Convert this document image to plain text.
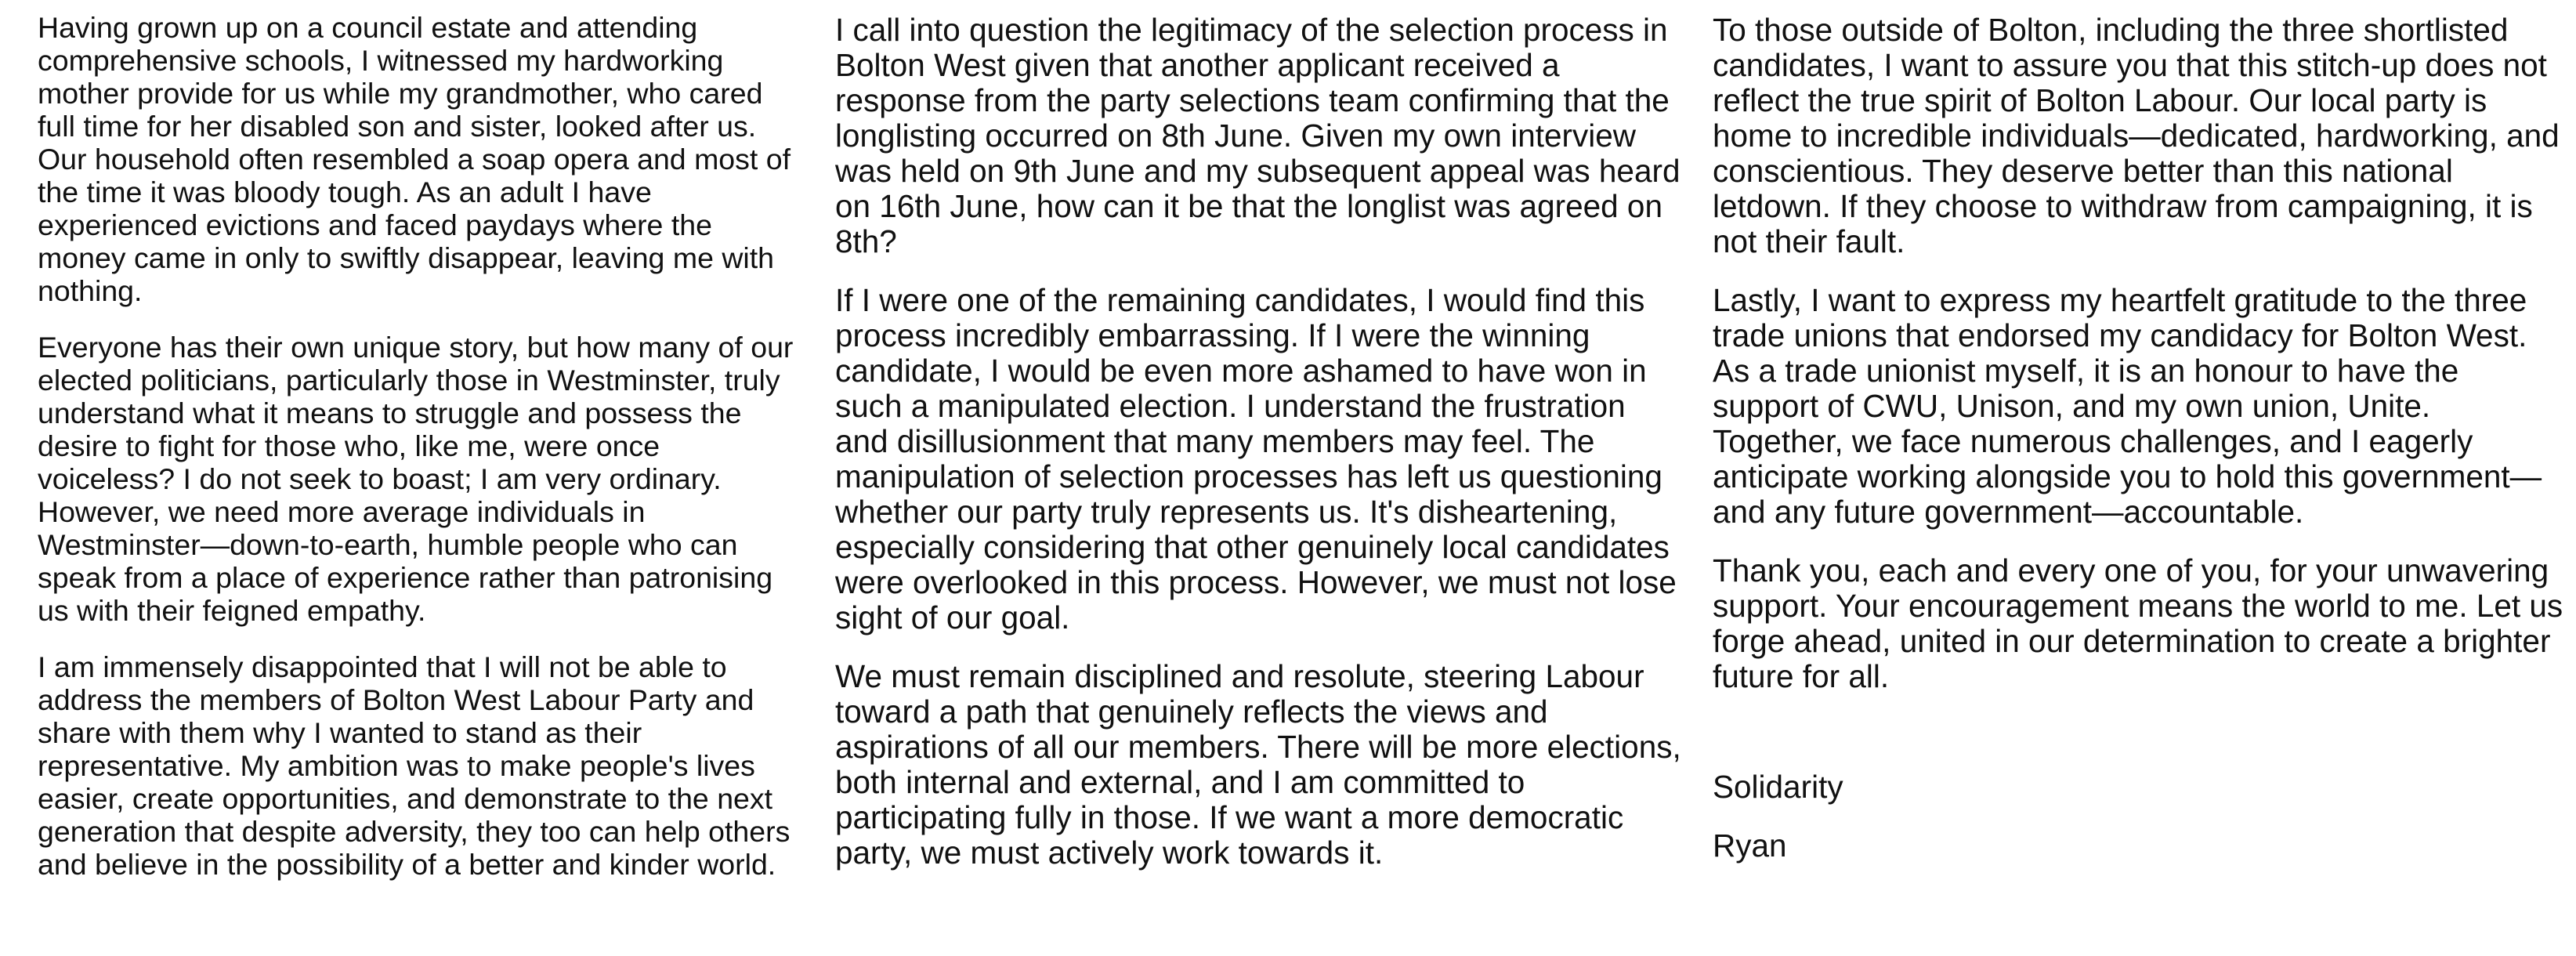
Having grown up on a council estate and attending comprehensive schools, I witnessed my hardworking mother provide for us while my grandmother, who cared full time for her disabled son and sister, looked after us. Our household often resembled a soap opera and most of the time it was bloody tough. As an adult I have experienced evictions and faced paydays where the money came in only to swiftly disappear, leaving me with nothing.

Everyone has their own unique story, but how many of our elected politicians, particularly those in Westminster, truly understand what it means to struggle and possess the desire to fight for those who, like me, were once voiceless? I do not seek to boast; I am very ordinary. However, we need more average individuals in Westminster—down-to-earth, humble people who can speak from a place of experience rather than patronising us with their feigned empathy.

I am immensely disappointed that I will not be able to address the members of Bolton West Labour Party and share with them why I wanted to stand as their representative. My ambition was to make people's lives easier, create opportunities, and demonstrate to the next generation that despite adversity, they too can help others and believe in the possibility of a better and kinder world.

I call into question the legitimacy of the selection process in Bolton West given that another applicant received a response from the party selections team confirming that the longlisting occurred on 8th June. Given my own interview was held on 9th June and my subsequent appeal was heard on 16th June, how can it be that the longlist was agreed on 8th?

If I were one of the remaining candidates, I would find this process incredibly embarrassing. If I were the winning candidate, I would be even more ashamed to have won in such a manipulated election. I understand the frustration and disillusionment that many members may feel. The manipulation of selection processes has left us questioning whether our party truly represents us. It's disheartening, especially considering that other genuinely local candidates were overlooked in this process. However, we must not lose sight of our goal.

We must remain disciplined and resolute, steering Labour toward a path that genuinely reflects the views and aspirations of all our members. There will be more elections, both internal and external, and I am committed to participating fully in those. If we want a more democratic party, we must actively work towards it.

To those outside of Bolton, including the three shortlisted candidates, I want to assure you that this stitch-up does not reflect the true spirit of Bolton Labour. Our local party is home to incredible individuals—dedicated, hardworking, and conscientious. They deserve better than this national letdown. If they choose to withdraw from campaigning, it is not their fault.

Lastly, I want to express my heartfelt gratitude to the three trade unions that endorsed my candidacy for Bolton West. As a trade unionist myself, it is an honour to have the support of CWU, Unison, and my own union, Unite. Together, we face numerous challenges, and I eagerly anticipate working alongside you to hold this government—and any future government—accountable.

Thank you, each and every one of you, for your unwavering support. Your encouragement means the world to me. Let us forge ahead, united in our determination to create a brighter future for all.

Solidarity

Ryan
